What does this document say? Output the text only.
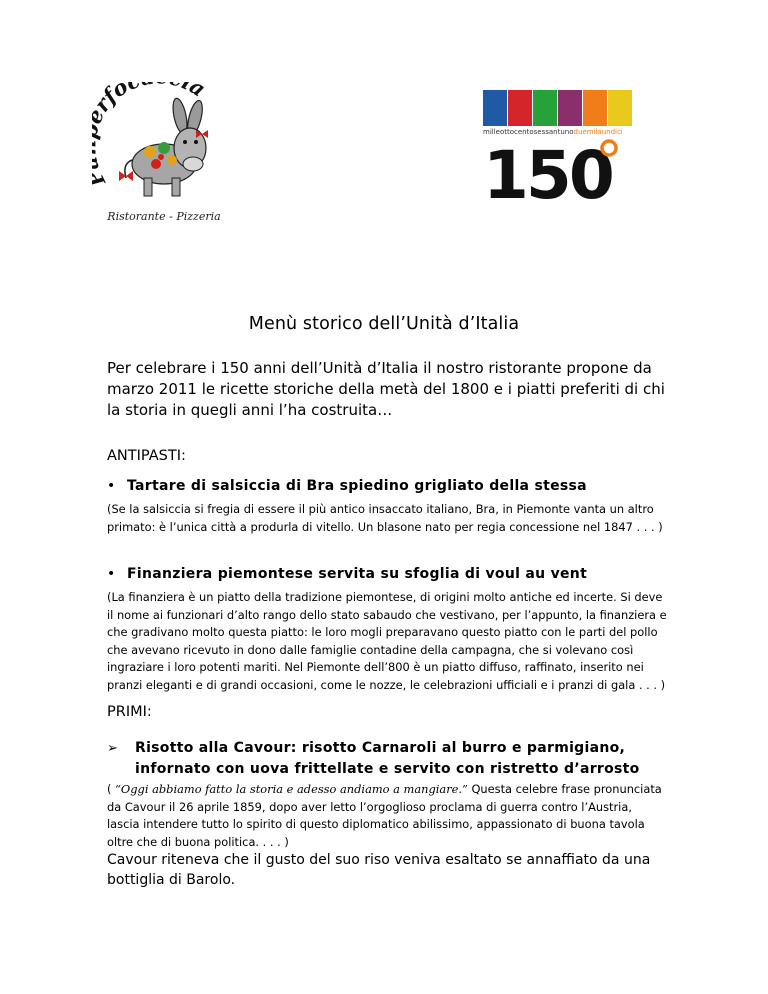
fo a
Ristorante - Pizzeria
milleottocentosessantunoduemilaundici
150
Menù storico dell’Unità d’Italia
Per celebrare i 150 anni dell’Unità d’Italia il nostro ristorante propone da marzo 2011 le ricette storiche della metà del 1800 e i piatti preferiti di chi la storia in quegli anni l’ha costruita…
ANTIPASTI:
• Tartare di salsiccia di Bra spiedino grigliato della stessa
(Se la salsiccia si fregia di essere il più antico insaccato italiano, Bra, in Piemonte vanta un altro primato: è l’unica città a produrla di vitello. Un blasone nato per regia concessione nel 1847 . . . )
• Finanziera piemontese servita su sfoglia di voul au vent
(La finanziera è un piatto della tradizione piemontese, di origini molto antiche ed incerte. Si deve il nome ai funzionari d’alto rango dello stato sabaudo che vestivano, per l’appunto, la finanziera e che gradivano molto questa piatto: le loro mogli preparavano questo piatto con le parti del pollo che avevano ricevuto in dono dalle famiglie contadine della campagna, che si volevano così ingraziare i loro potenti mariti. Nel Piemonte dell’800 è un piatto diffuso, raffinato, inserito nei pranzi eleganti e di grandi occasioni, come le nozze, le celebrazioni ufficiali e i pranzi di gala . . . )
PRIMI:
➢ Risotto alla Cavour: risotto Carnaroli al burro e parmigiano, infornato con uova frittellate e servito con ristretto d’arrosto
( “Oggi abbiamo fatto la storia e adesso andiamo a mangiare.” Questa celebre frase pronunciata da Cavour il 26 aprile 1859, dopo aver letto l’orgoglioso proclama di guerra contro l’Austria, lascia intendere tutto lo spirito di questo diplomatico abilissimo, appassionato di buona tavola oltre che di buona politica. . . . )
Cavour riteneva che il gusto del suo riso veniva esaltato se annaffiato da una bottiglia di Barolo.
